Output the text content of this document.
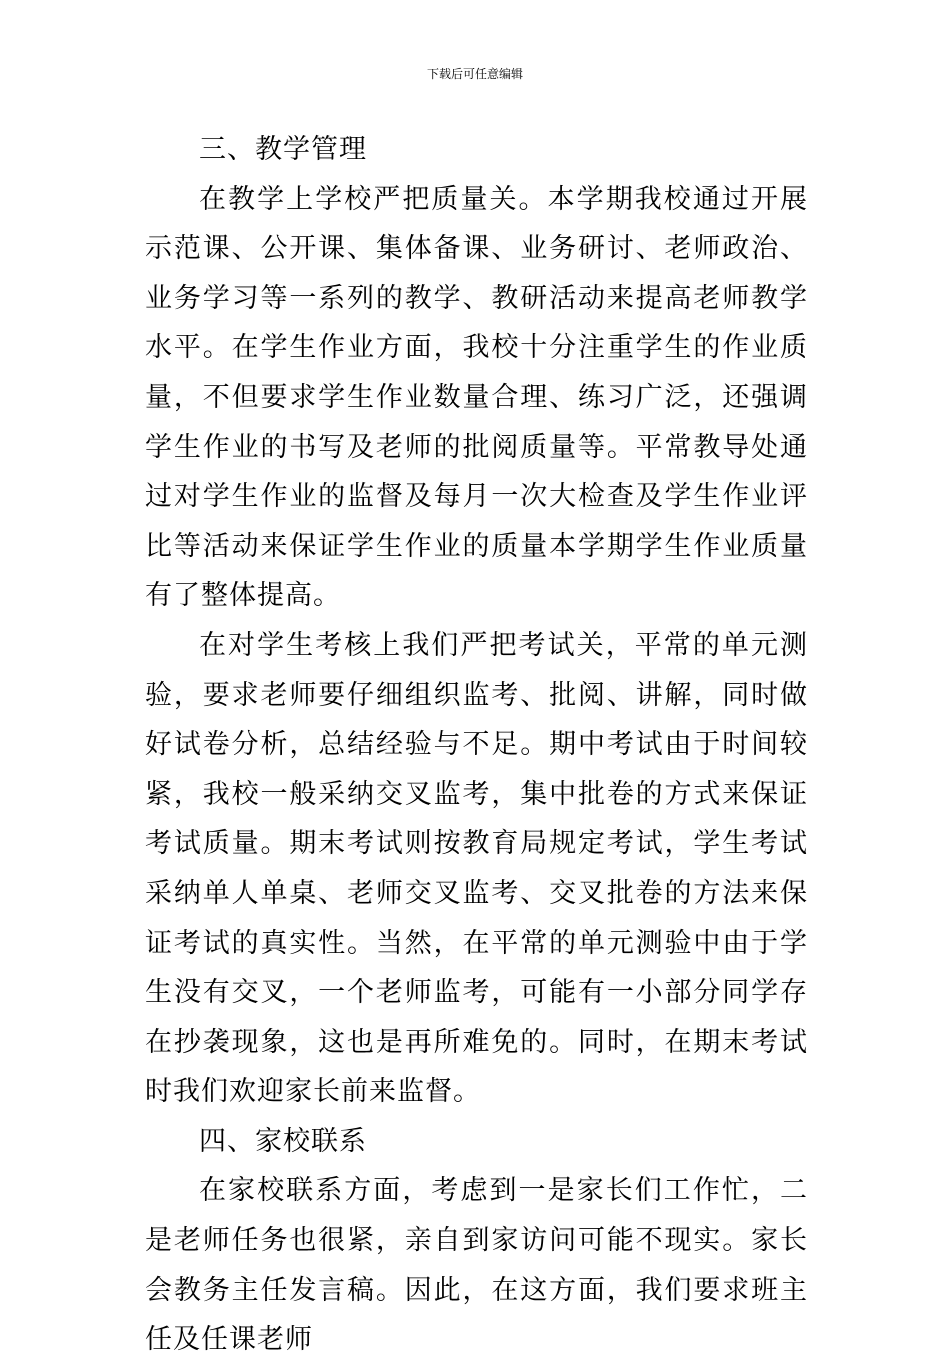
下载后可任意编辑

三、教学管理

在教学上学校严把质量关。本学期我校通过开展示范课、公开课、集体备课、业务研讨、老师政治、业务学习等一系列的教学、教研活动来提高老师教学水平。在学生作业方面，我校十分注重学生的作业质量，不但要求学生作业数量合理、练习广泛，还强调学生作业的书写及老师的批阅质量等。平常教导处通过对学生作业的监督及每月一次大检查及学生作业评比等活动来保证学生作业的质量本学期学生作业质量有了整体提高。

在对学生考核上我们严把考试关，平常的单元测验，要求老师要仔细组织监考、批阅、讲解，同时做好试卷分析，总结经验与不足。期中考试由于时间较紧，我校一般采纳交叉监考，集中批卷的方式来保证考试质量。期末考试则按教育局规定考试，学生考试采纳单人单桌、老师交叉监考、交叉批卷的方法来保证考试的真实性。当然，在平常的单元测验中由于学生没有交叉，一个老师监考，可能有一小部分同学存在抄袭现象，这也是再所难免的。同时，在期末考试时我们欢迎家长前来监督。

四、家校联系

在家校联系方面，考虑到一是家长们工作忙，二是老师任务也很紧，亲自到家访问可能不现实。家长会教务主任发言稿。因此，在这方面，我们要求班主任及任课老师
